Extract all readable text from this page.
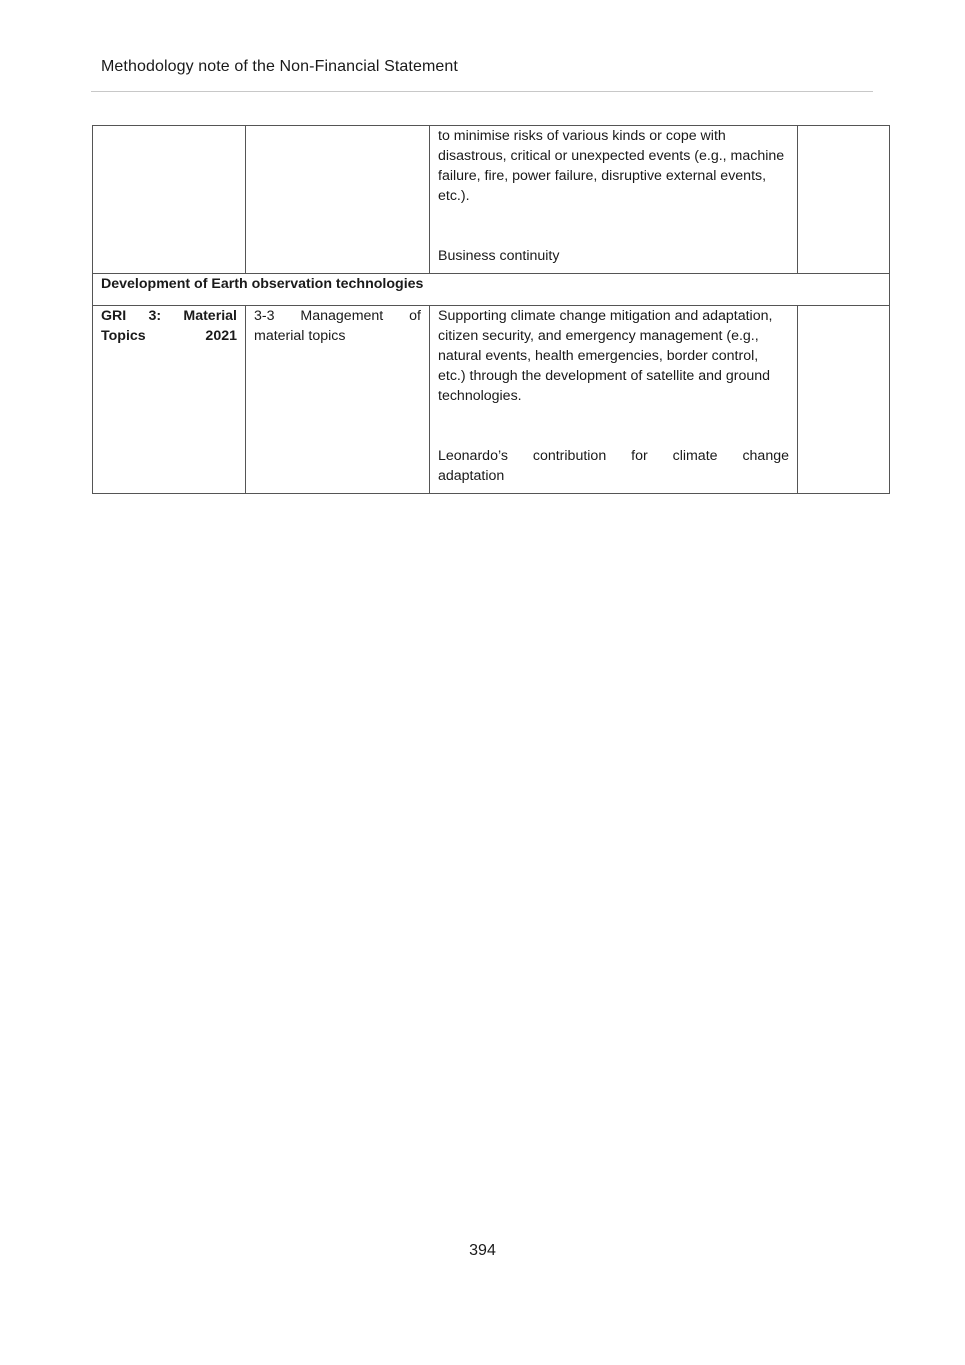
Methodology note of the Non-Financial Statement

		to minimise risks of various kinds or cope with disastrous, critical or unexpected events (e.g., machine failure, fire, power failure, disruptive external events, etc.).
Business continuity	

Development of Earth observation technologies			
GRI 3: Material Topics 2021	3-3 Management of material topics	Supporting climate change mitigation and adaptation, citizen security, and emergency management (e.g., natural events, health emergencies, border control, etc.) through the development of satellite and ground technologies.
Leonardo’s contribution for climate change
adaptation	

394
